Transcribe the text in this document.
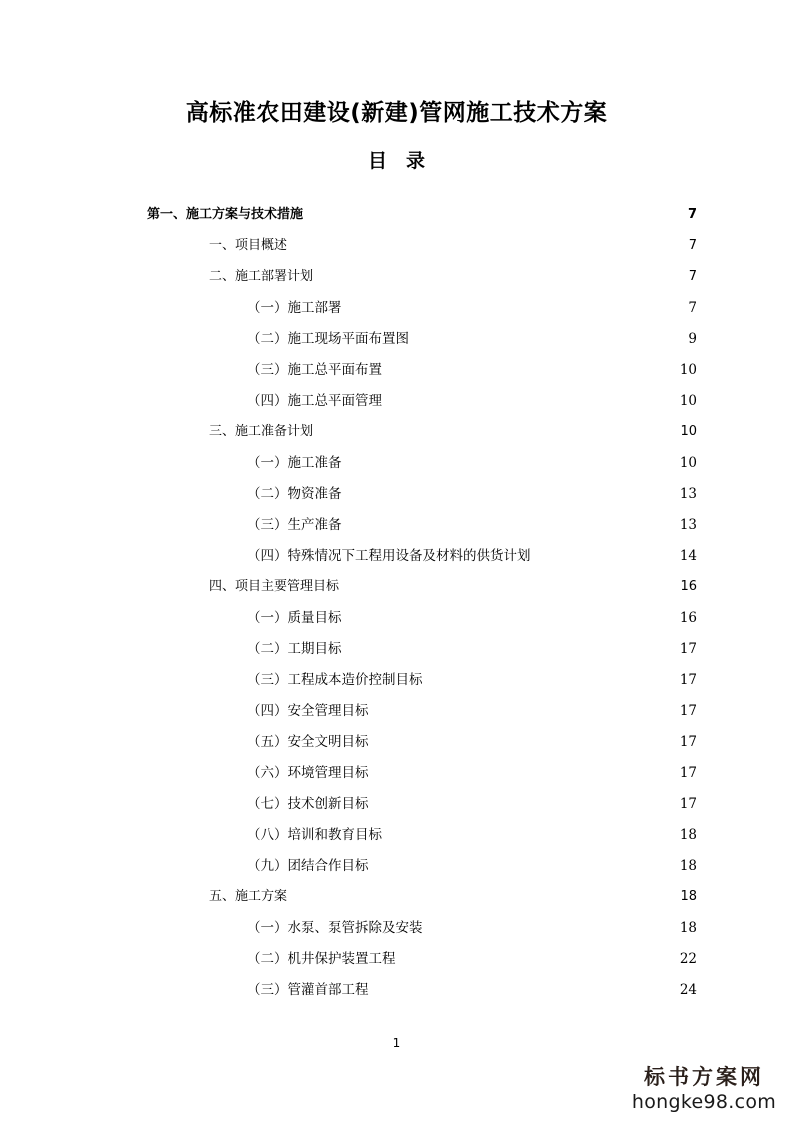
高标准农田建设(新建)管网施工技术方案
目　录
第一、施工方案与技术措施	7
一、项目概述	7
二、施工部署计划	7
（一）施工部署	7
（二）施工现场平面布置图	9
（三）施工总平面布置	10
（四）施工总平面管理	10
三、施工准备计划	10
（一）施工准备	10
（二）物资准备	13
（三）生产准备	13
（四）特殊情况下工程用设备及材料的供货计划	14
四、项目主要管理目标	16
（一）质量目标	16
（二）工期目标	17
（三）工程成本造价控制目标	17
（四）安全管理目标	17
（五）安全文明目标	17
（六）环境管理目标	17
（七）技术创新目标	17
（八）培训和教育目标	18
（九）团结合作目标	18
五、施工方案	18
（一）水泵、泵管拆除及安装	18
（二）机井保护装置工程	22
（三）管灌首部工程	24
1
标书方案网
hongke98.com
